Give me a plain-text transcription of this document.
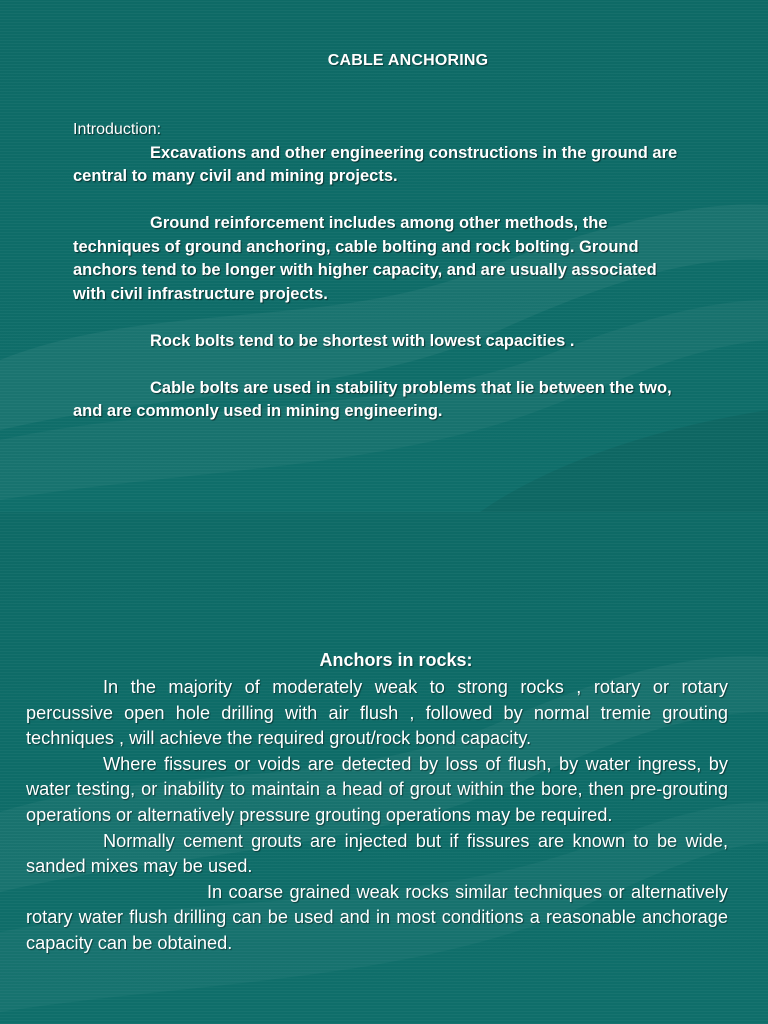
CABLE ANCHORING
Introduction:

Excavations and other engineering constructions in the ground are central to many civil and mining projects.

Ground reinforcement includes among other methods, the techniques of ground anchoring, cable bolting and rock bolting. Ground anchors tend to be longer with higher capacity, and are usually associated with civil infrastructure projects.

Rock bolts tend to be shortest with lowest capacities .

Cable bolts are used in stability problems that lie between the two, and are commonly used in mining engineering.

Anchors in rocks:

In the majority of moderately weak to strong rocks , rotary or rotary percussive open hole drilling with air flush , followed by normal tremie grouting techniques , will achieve the required grout/rock bond capacity.

Where fissures or voids are detected by loss of flush, by water ingress, by water testing, or inability to maintain a head of grout within the bore, then pre-grouting operations or alternatively pressure grouting operations may be required.

Normally cement grouts are injected but if fissures are known to be wide, sanded mixes may be used.

In coarse grained weak rocks similar techniques or alternatively rotary water flush drilling can be used and in most conditions a reasonable anchorage capacity can be obtained.
